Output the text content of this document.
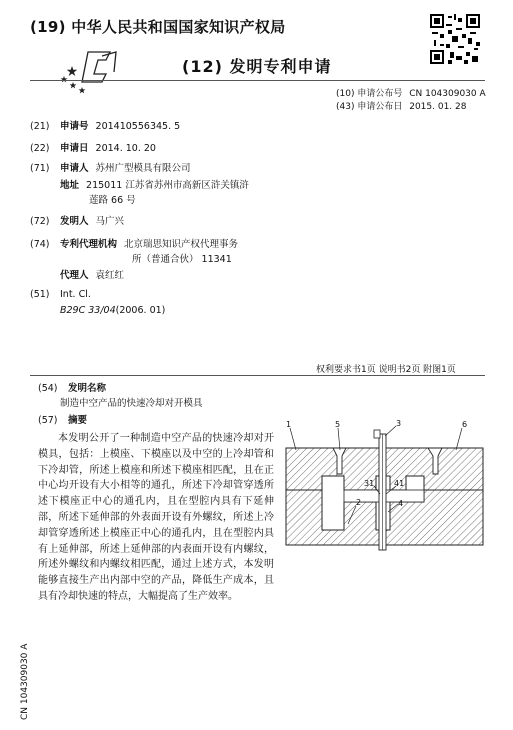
(19) 中华人民共和国国家知识产权局
(12) 发明专利申请
(10) 申请公布号 CN 104309030 A
(43) 申请公布日 2015. 01. 28
(21) 申请号 201410556345. 5
(22) 申请日 2014. 10. 20
(71) 申请人 苏州广型模具有限公司
地址 215011 江苏省苏州市高新区浒关镇浒
莲路 66 号
(72) 发明人 马广兴
(74) 专利代理机构 北京瑞思知识产权代理事务
所（普通合伙） 11341
代理人 袁红红
(51) Int. Cl.
B29C 33/04(2006. 01)
权利要求书1页 说明书2页 附图1页
(54) 发明名称
制造中空产品的快速冷却对开模具
(57) 摘要
本发明公开了一种制造中空产品的快速冷却对开模具，包括：上模座、下模座以及中空的上冷却管和下冷却管，所述上模座和所述下模座相匹配，且在正中心均开设有大小相等的通孔，所述下冷却管穿透所述下模座正中心的通孔内，且在型腔内具有下延伸部，所述下延伸部的外表面开设有外螺纹，所述上冷却管穿透所述上模座正中心的通孔内，且在型腔内具有上延伸部，所述上延伸部的内表面开设有内螺纹，所述外螺纹和内螺纹相匹配，通过上述方式，本发明能够直接生产出内部中空的产品，降低生产成本，且具有冷却快速的特点，大幅提高了生产效率。
1	5	3	6
2
31 41
4
CN 104309030 A
